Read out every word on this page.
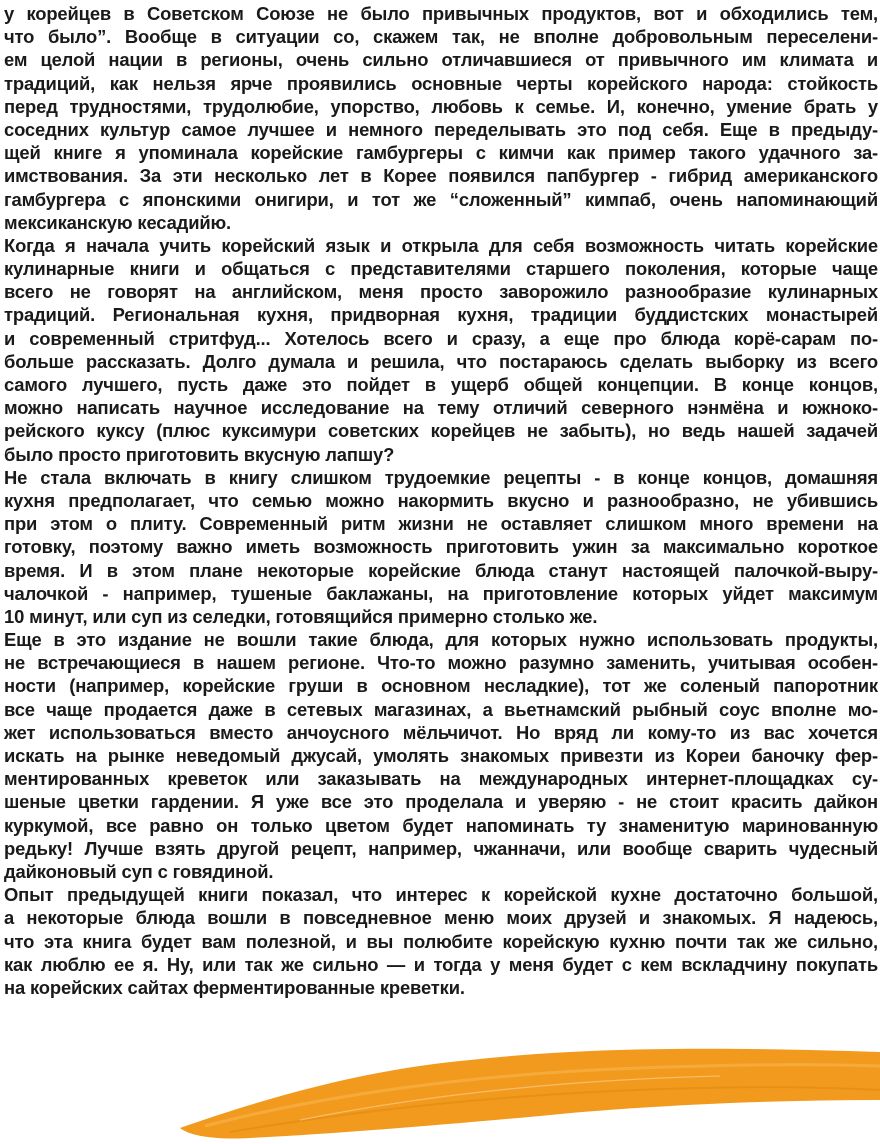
у корейцев в Советском Союзе не было привычных продуктов, вот и обходились тем,
что было”. Вообще в ситуации со, скажем так, не вполне добровольным переселени-
ем целой нации в регионы, очень сильно отличавшиеся от привычного им климата и
традиций, как нельзя ярче проявились основные черты корейского народа: стойкость
перед трудностями, трудолюбие, упорство, любовь к семье. И, конечно, умение брать у
соседних культур самое лучшее и немного переделывать это под себя. Еще в предыду-
щей книге я упоминала корейские гамбургеры с кимчи как пример такого удачного за-
имствования. За эти несколько лет в Корее появился папбургер - гибрид американского
гамбургера с японскими онигири, и тот же “сложенный” кимпаб, очень напоминающий
мексиканскую кесадийю.
Когда я начала учить корейский язык и открыла для себя возможность читать корейские
кулинарные книги и общаться с представителями старшего поколения, которые чаще
всего не говорят на английском, меня просто заворожило разнообразие кулинарных
традиций. Региональная кухня, придворная кухня, традиции буддистских монастырей
и современный стритфуд... Хотелось всего и сразу, а еще про блюда корё-сарам по-
больше рассказать. Долго думала и решила, что постараюсь сделать выборку из всего
самого лучшего, пусть даже это пойдет в ущерб общей концепции. В конце концов,
можно написать научное исследование на тему отличий северного нэнмёна и южноко-
рейского куксу (плюс куксимури советских корейцев не забыть), но ведь нашей задачей
было просто приготовить вкусную лапшу?
Не стала включать в книгу слишком трудоемкие рецепты - в конце концов, домашняя
кухня предполагает, что семью можно накормить вкусно и разнообразно, не убившись
при этом о плиту. Современный ритм жизни не оставляет слишком много времени на
готовку, поэтому важно иметь возможность приготовить ужин за максимально короткое
время. И в этом плане некоторые корейские блюда станут настоящей палочкой-выру-
чалочкой - например, тушеные баклажаны, на приготовление которых уйдет максимум
10 минут, или суп из селедки, готовящийся примерно столько же.
Еще в это издание не вошли такие блюда, для которых нужно использовать продукты,
не встречающиеся в нашем регионе. Что-то можно разумно заменить, учитывая особен-
ности (например, корейские груши в основном несладкие), тот же соленый папоротник
все чаще продается даже в сетевых магазинах, а вьетнамский рыбный соус вполне мо-
жет использоваться вместо анчоусного мёльчичот. Но вряд ли кому-то из вас хочется
искать на рынке неведомый джусай, умолять знакомых привезти из Кореи баночку фер-
ментированных креветок или заказывать на международных интернет-площадках су-
шеные цветки гардении. Я уже все это проделала и уверяю - не стоит красить дайкон
куркумой, все равно он только цветом будет напоминать ту знаменитую маринованную
редьку! Лучше взять другой рецепт, например, чжанначи, или вообще сварить чудесный
дайконовый суп с говядиной.
Опыт предыдущей книги показал, что интерес к корейской кухне достаточно большой,
а некоторые блюда вошли в повседневное меню моих друзей и знакомых. Я надеюсь,
что эта книга будет вам полезной, и вы полюбите корейскую кухню почти так же сильно,
как люблю ее я. Ну, или так же сильно — и тогда у меня будет с кем вскладчину покупать
на корейских сайтах ферментированные креветки.
